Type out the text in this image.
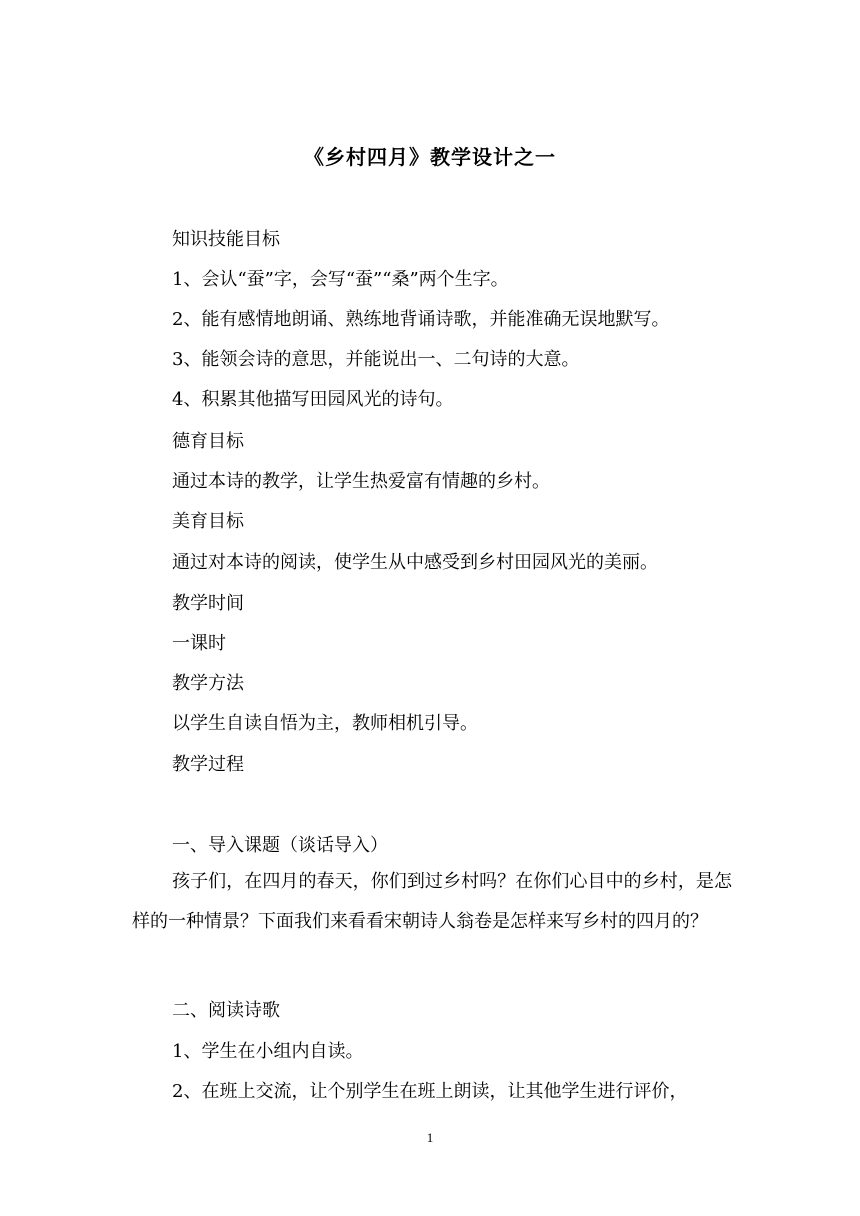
《乡村四月》教学设计之一
知识技能目标
1、会认“蚕”字，会写“蚕”“桑”两个生字。
2、能有感情地朗诵、熟练地背诵诗歌，并能准确无误地默写。
3、能领会诗的意思，并能说出一、二句诗的大意。
4、积累其他描写田园风光的诗句。
德育目标
通过本诗的教学，让学生热爱富有情趣的乡村。
美育目标
通过对本诗的阅读，使学生从中感受到乡村田园风光的美丽。
教学时间
一课时
教学方法
以学生自读自悟为主，教师相机引导。
教学过程
一、导入课题（谈话导入）
孩子们，在四月的春天，你们到过乡村吗？在你们心目中的乡村，是怎样的一种情景？下面我们来看看宋朝诗人翁卷是怎样来写乡村的四月的？
二、阅读诗歌
1、学生在小组内自读。
2、在班上交流，让个别学生在班上朗读，让其他学生进行评价，
1
